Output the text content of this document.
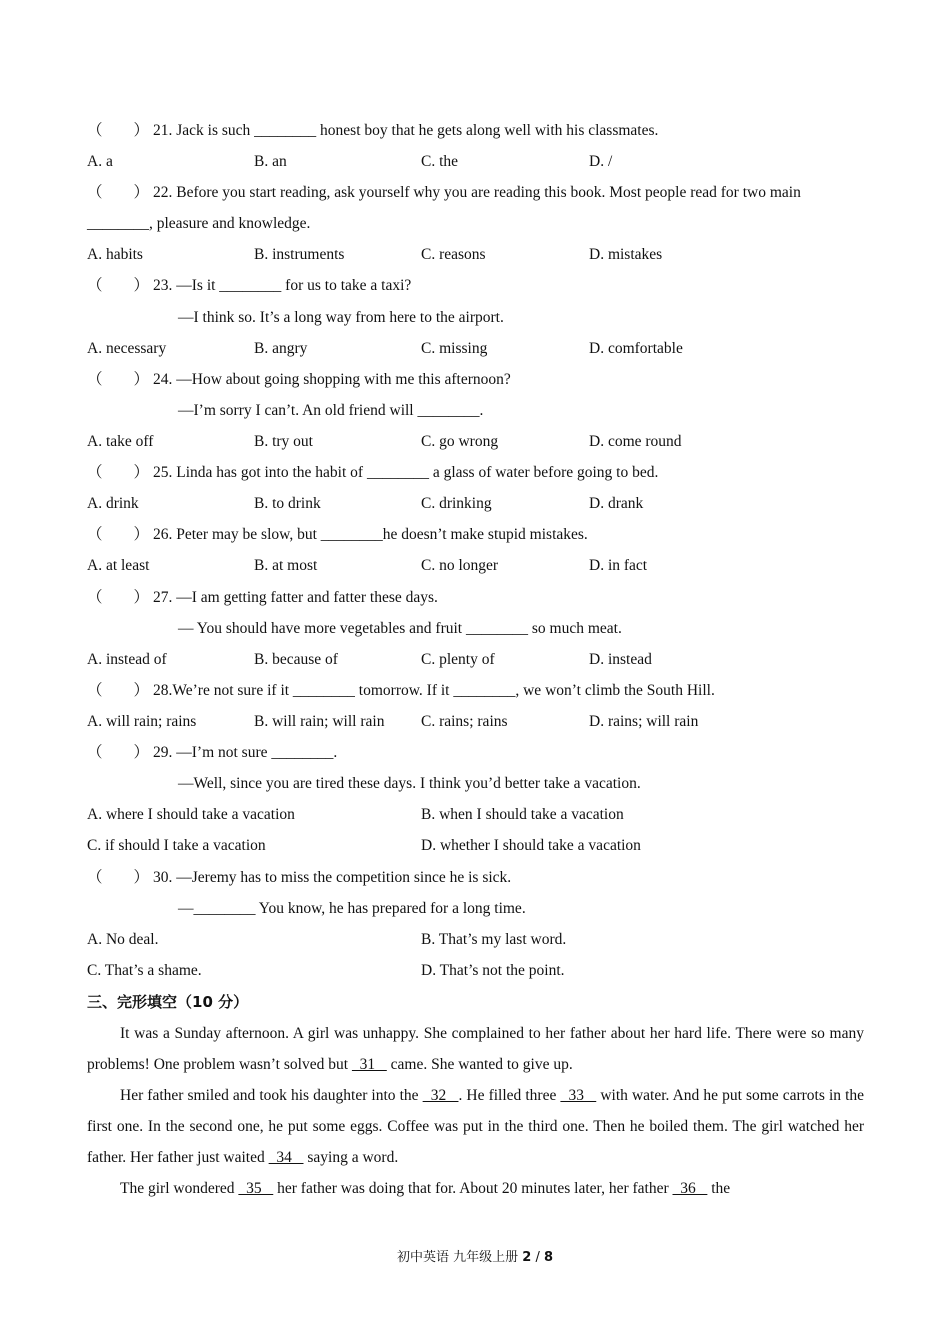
（　　） 21. Jack is such ________ honest boy that he gets along well with his classmates.
A. a	B. an	C. the	D. /
（　　） 22. Before you start reading, ask yourself why you are reading this book. Most people read for two main
________, pleasure and knowledge.
A. habits	B. instruments	C. reasons	D. mistakes
（　　） 23. —Is it ________ for us to take a taxi?
—I think so. It’s a long way from here to the airport.
A. necessary	B. angry	C. missing	D. comfortable
（　　） 24. —How about going shopping with me this afternoon?
—I’m sorry I can’t. An old friend will ________.
A. take off	B. try out	C. go wrong	D. come round
（　　） 25. Linda has got into the habit of ________ a glass of water before going to bed.
A. drink	B. to drink	C. drinking	D. drank
（　　） 26. Peter may be slow, but ________he doesn’t make stupid mistakes.
A. at least	B. at most	C. no longer	D. in fact
（　　） 27. —I am getting fatter and fatter these days.
— You should have more vegetables and fruit ________ so much meat.
A. instead of	B. because of	C. plenty of	D. instead
（　　） 28.We’re not sure if it ________ tomorrow. If it ________, we won’t climb the South Hill.
A. will rain; rains	B. will rain; will rain C. rains; rains	D. rains; will rain
（　　） 29. —I’m not sure ________.
—Well, since you are tired these days. I think you’d better take a vacation.
A. where I should take a vacation	B. when I should take a vacation
C. if should I take a vacation	D. whether I should take a vacation
（　　） 30. —Jeremy has to miss the competition since he is sick.
—________ You know, he has prepared for a long time.
A. No deal.	B. That’s my last word.
C. That’s a shame.	D. That’s not the point.
三、完形填空（10 分）
It was a Sunday afternoon. A girl was unhappy. She complained to her father about her hard life. There were so many problems! One problem wasn’t solved but   31    came. She wanted to give up.
Her father smiled and took his daughter into the   32   . He filled three   33    with water. And he put some carrots in the first one. In the second one, he put some eggs. Coffee was put in the third one. Then he boiled them. The girl watched her father. Her father just waited   34    saying a word.
The girl wondered   35    her father was doing that for. About 20 minutes later, her father   36    the
初中英语 九年级上册 2 / 8
